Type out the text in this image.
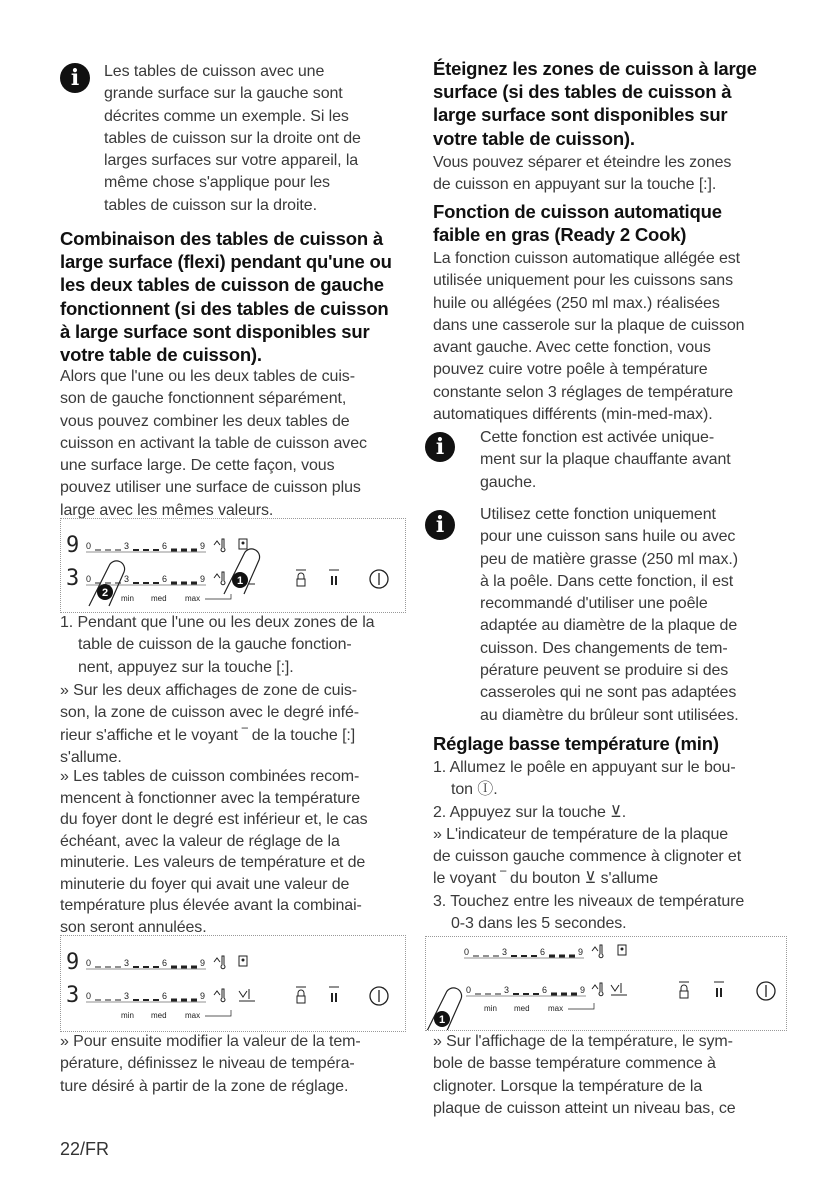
i	Les tables de cuisson avec une
grande surface sur la gauche sont
décrites comme un exemple. Si les
tables de cuisson sur la droite ont de
larges surfaces sur votre appareil, la
même chose s'applique pour les
tables de cuisson sur la droite.
Combinaison des tables de cuisson à
large surface (flexi) pendant qu'une ou
les deux tables de cuisson de gauche
fonctionnent (si des tables de cuisson
à large surface sont disponibles sur
votre table de cuisson).
Alors que l'une ou les deux tables de cuis-
son de gauche fonctionnent séparément,
vous pouvez combiner les deux tables de
cuisson en activant la table de cuisson avec
une surface large. De cette façon, vous
pouvez utiliser une surface de cuisson plus
large avec les mêmes valeurs.
2
9 0	3	6	9
3 0	3	6	9
min med max
1
1. Pendant que l'une ou les deux zones de la
table de cuisson de la gauche fonction-
nent, appuyez sur la touche [:].
» Sur les deux affichages de zone de cuis-
son, la zone de cuisson avec le degré infé-
rieur s'affiche et le voyant ‾ de la touche [:]
s'allume.
» Les tables de cuisson combinées recom-
mencent à fonctionner avec la température
du foyer dont le degré est inférieur et, le cas
échéant, avec la valeur de réglage de la
minuterie. Les valeurs de température et de
minuterie du foyer qui avait une valeur de
température plus élevée avant la combinai-
son seront annulées.
9 0	3	6	9
3 0	3	6	9
min med max
» Pour ensuite modifier la valeur de la tem-
pérature, définissez le niveau de tempéra-
ture désiré à partir de la zone de réglage.
Éteignez les zones de cuisson à large
surface (si des tables de cuisson à
large surface sont disponibles sur
votre table de cuisson).
Vous pouvez séparer et éteindre les zones
de cuisson en appuyant sur la touche [:].
Fonction de cuisson automatique
faible en gras (Ready 2 Cook)
La fonction cuisson automatique allégée est
utilisée uniquement pour les cuissons sans
huile ou allégées (250 ml max.) réalisées
dans une casserole sur la plaque de cuisson
avant gauche. Avec cette fonction, vous
pouvez cuire votre poêle à température
constante selon 3 réglages de température
automatiques différents (min-med-max).
i	Cette fonction est activée unique-
ment sur la plaque chauffante avant
gauche.
i	Utilisez cette fonction uniquement
pour une cuisson sans huile ou avec
peu de matière grasse (250 ml max.)
à la poêle. Dans cette fonction, il est
recommandé d'utiliser une poêle
adaptée au diamètre de la plaque de
cuisson. Des changements de tem-
pérature peuvent se produire si des
casseroles qui ne sont pas adaptées
au diamètre du brûleur sont utilisées.
Réglage basse température (min)
1. Allumez le poêle en appuyant sur le bou-
ton Ⓘ.
2. Appuyez sur la touche ⊻.
» L'indicateur de température de la plaque
de cuisson gauche commence à clignoter et
le voyant ‾ du bouton ⊻ s'allume
3. Touchez entre les niveaux de température
0-3 dans les 5 secondes.
0	3	6	9
1
0	3	6	9
min med max
» Sur l'affichage de la température, le sym-
bole de basse température commence à
clignoter. Lorsque la température de la
plaque de cuisson atteint un niveau bas, ce
22/FR
